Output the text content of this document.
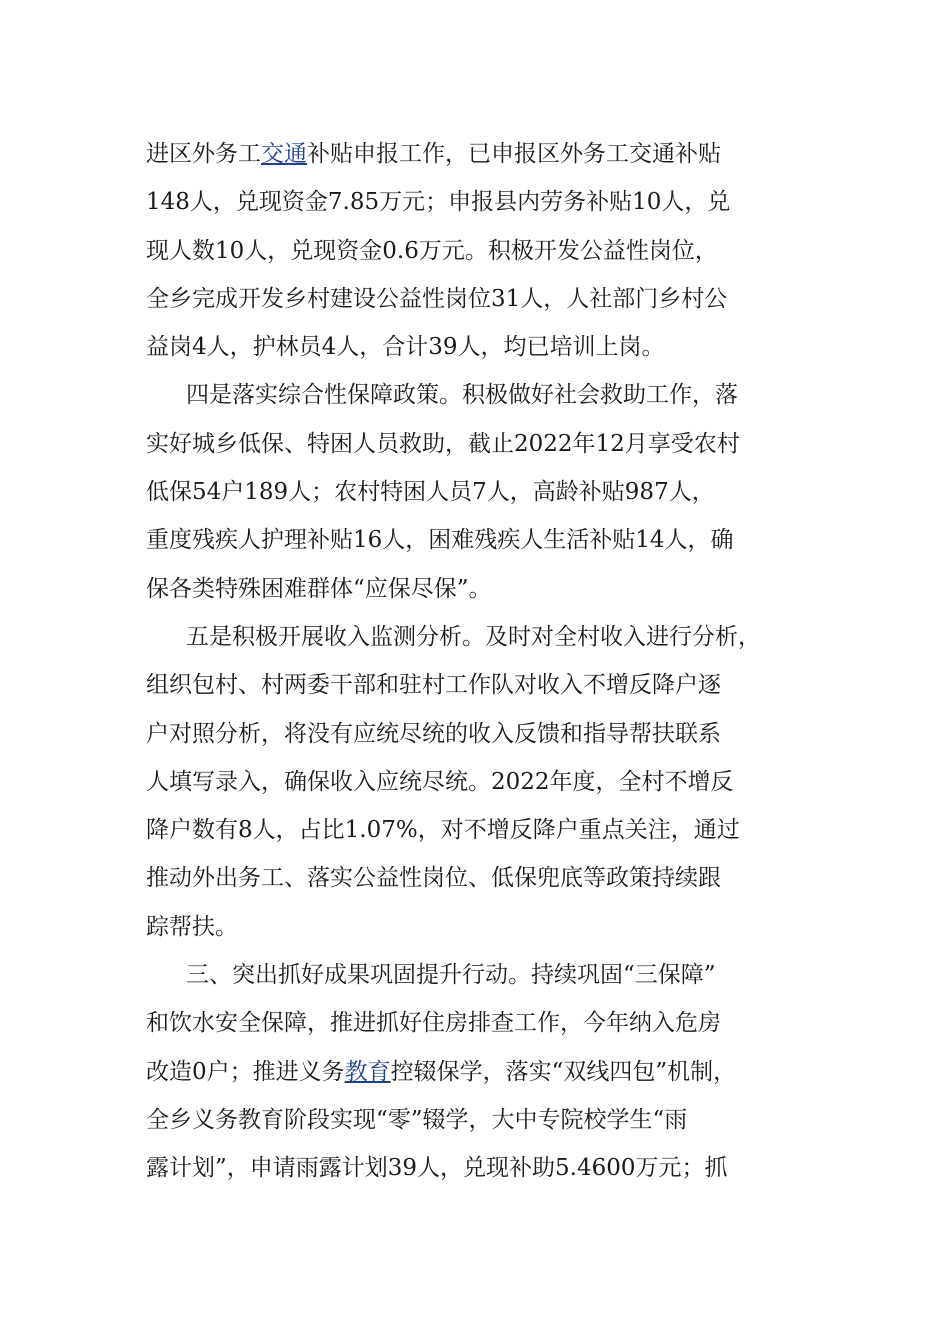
进区外务工交通补贴申报工作，已申报区外务工交通补贴
148人，兑现资金7.85万元；申报县内劳务补贴10人，兑
现人数10人，兑现资金0.6万元。积极开发公益性岗位，
全乡完成开发乡村建设公益性岗位31人，人社部门乡村公
益岗4人，护林员4人，合计39人，均已培训上岗。
四是落实综合性保障政策。积极做好社会救助工作，落
实好城乡低保、特困人员救助，截止2022年12月享受农村
低保54户189人；农村特困人员7人，高龄补贴987人，
重度残疾人护理补贴16人，困难残疾人生活补贴14人，确
保各类特殊困难群体“应保尽保”。
五是积极开展收入监测分析。及时对全村收入进行分析，
组织包村、村两委干部和驻村工作队对收入不增反降户逐
户对照分析，将没有应统尽统的收入反馈和指导帮扶联系
人填写录入，确保收入应统尽统。2022年度，全村不增反
降户数有8人，占比1.07%，对不增反降户重点关注，通过
推动外出务工、落实公益性岗位、低保兜底等政策持续跟
踪帮扶。
三、突出抓好成果巩固提升行动。持续巩固“三保障”
和饮水安全保障，推进抓好住房排查工作，今年纳入危房
改造0户；推进义务教育控辍保学，落实“双线四包”机制，
全乡义务教育阶段实现“零”辍学，大中专院校学生“雨
露计划”，申请雨露计划39人，兑现补助5.4600万元；抓
